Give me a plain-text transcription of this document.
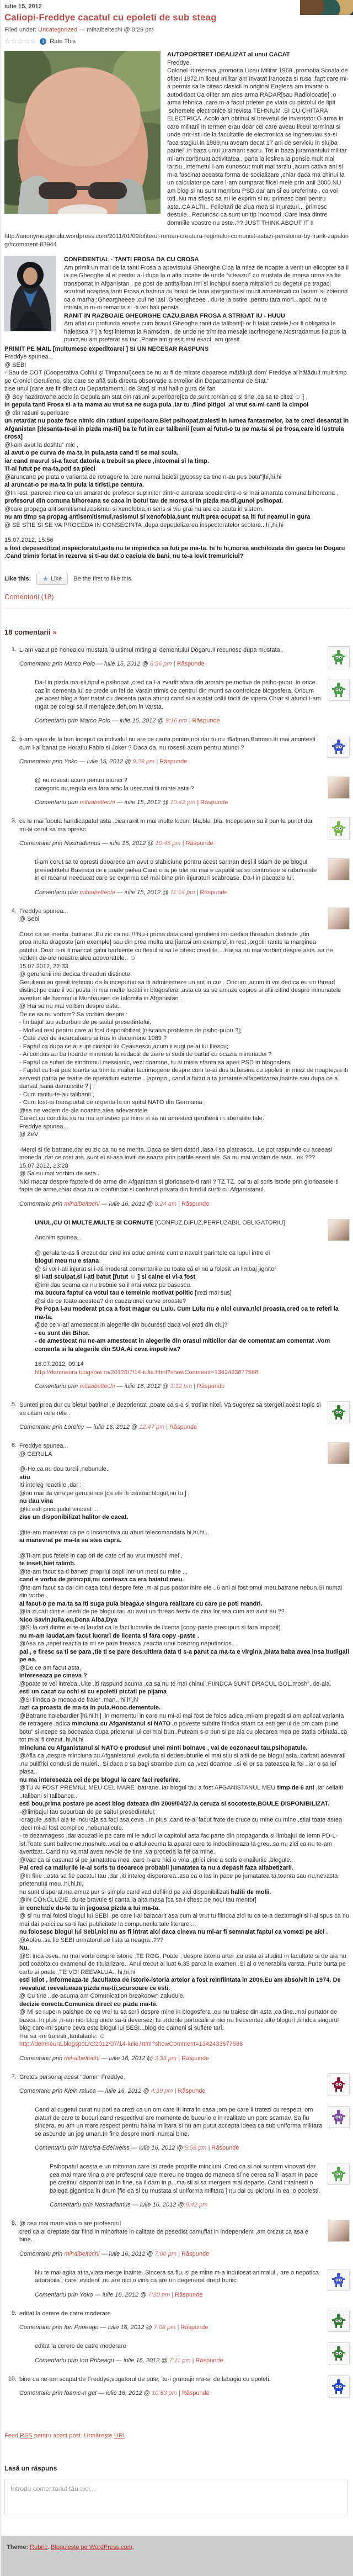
iulie 15, 2012
Caliopi-Freddye cacatul cu epoleti de sub steag
Filed under: Uncategorized — mihaibeltechi @ 8:29 pm
☆☆☆☆☆	i Rate This
AUTOPORTRET IDEALIZAT al unui CACAT
Freddye,
Colonel in rezerva ,promotia Liceu Militar 1969 ,promotia Scoala de ofiteri 1972.In liceul militar am invatat franceza si rusa ,fapt care mi-a permis sa le citesc clasicii in original.Engleza am invatat-o autodidact.Ca ofiter am ales arma RADAR[sau Radiolocatie] ,o arma tehnica ,care m-a facut prieten pe viata cu pistolul de lipit ,schemele electronice si revista TEHNIUM .SI CU CHITARA ELECTRICA .Acolo am obtinut si brevetul de inventator.O arma in care militarii in termen erau doar cei care aveau liceul terminat si unde mtr-istii de la facultatile de electronica se inghesuiau sa-si faca stagiul.In 1989,nu aveam decat 17 ani de serviciu in slujba patriei ,in baza unui juramant sacru. Tot in baza juramantului militar mi-am continuat activitatea , pana la iesirea la pensie,mult mai tarziu..Internetul l-am cunoscut mult mai tarziu ,acum cativa ani si m-a fascinat aceasta forma de socializare ,chiar daca ma chinui la un calculator pe care l-am cumparat fiicei mele prin anii 2000.NU am blog si nu sunt membru PSD,dar am si eu preferinte , ca voi toti..Nu ma sfiesc sa mi le exprim si nu primesc bani pentru asta..CA ALTII.. Felicitari de ziua mea si injuraturi... primesc destule...Recunosc ca sunt un tip incomod .Care insa dintre domniile voastre nu este..?? JUST THINK ABOUT IT !!
http://anonymusgerula.wordpress.com/2011/01/09/ofiterul-roman-creatura-regimului-comunist-astazi-pensionar-by-frank-zapaking/#comment-83944
CONFIDENTIAL - TANTI FROSA DA CU CROSA
Am primit un mail de la tanti Frosa a apevistului Gheorghe.Cica la miez de noapte a venit un elicopter sa il ia pe Gheoghe al ei pentru a-l duce la o alta locatie de unde ”viteazul” cu mustata de morsa urma sa fie transportat in Afganistan , pe post de antitaliban.Imi si inchipui scena,mitraliori cu degetul pe tragaci scrutind noaptea,tanti Frosa,o batrina cu braul de lana stergandu-si mucii amestecati cu lacrimi si zbierind ca o marha :Gheorgheeee ,cui ne lasi .Gheorgheeee , du-te la ostire ,pentru tara mori...apoi, nu te intrista,io m-oi remarita si -ti voi hali pensia.
RANIT IN RAZBOAIE GHEORGHE CAZU,BABA FROSA A STRIGAT IU - HUUU
Am aflat cu profunda emotie cum bravul Gheoghe ranit de talibani[i-or fi taiat coitele,l-or fi obligatsa le haleasca ? ] a fost internat la Ramsden , de unde ne trimitea mesaje lacrimogene.Nostradamus l-a pus la punct,eu am preferat sa tac .Poate am gresit.mai exact, am gresit.
PRIMIT PE MAIL [multumesc expeditoarei ] SI UN NECESAR RASPUNS
Freddye spunea...
@ SEBI
-“Sau de COT (Cooperativa Ochiul şi Timpanul)ceea ce nu ar fi de mirare deoarece mătăluţă dom' Freddye ai hălăduit mult timp pe Cronici Geruliene, site care se află sub directa observaţie a evreilor din Departamentul de Stat.”
zise unul [care are fir direct cu Departamentul de Stat] si mai hali o gura de fan
@ Bey nazdravane,acolo,la Gepula am stat din ratiuni superioare[ca de,sunt roman ca si tine ,ca sa te citez ☺ ] ,
In gepula tanti Frosa si-a ta mama au vrut sa ne suga pula ,iar tu ,fiind pitigoi ,ai vrut sa-mi canti la cimpoi
@ din ratiuni superioare
un retardat nu poate face nimic din ratiuni superioare.Biet psihopat,traiesti in lumea fantasmelor, ba te crezi desantat in Afganistan [desanta-te-ai in pizda ma-tii] ba te fut in cur talibanii [cum ai futut-o tu pe ma-ta si pe frosa,care iti lustruia crosa]
@i-am avut la deshtu” mic ,
ai avut-o pe curva de ma-ta in pula,asta cand ti se mai scula.
iar cand maurul si-a facut datoria a trebuit sa plece ,intocmai si la timp.
Ti-ai futut pe ma-ta,poti sa pleci
@aruncand pe piata o varianta de retragere la care numai baietii gyopssy ca tine n-au pus botu”]hi,hi,hi
ai aruncat-o pe ma-ta in pula la tiristi,pe centura.
@In rest ,parerea mea ca un amarat de profesor suplinitor dintr-o amarata scoala dintr-o si mai amarata comuna bihoreana ,
profesorul din comuna bihoreana se caca in botul tau de morsa si in pizda ma-tii,gunoi psihopat.
@care propaga antisemitismul,rasismul si xenofobia,in scris si viu grai nu are ce cauta in sistem.
nu am timp sa propag antisemitismul,rasismul si xenofobia,sunt mult prea ocupat sa iti fut neamul in gura
@ SE STIE SI SE VA PROCEDA IN CONSECINTA ,dupa depedelizarea inspectoratelor scolare.. hi,hi,hi
15.07.2012, 15:56
a fost depesedilizat inspectoratul,asta nu te impiedica sa futi pe ma-ta. hi hi hi,morsa anchilozata din gasca lui Dogaru .Cand trimis fortat in rezerva si ti-au dat o caciula de bani, nu te-a lovit tremuriciul?
Like this: ★ Like Be the first to like this.
Comentarii (18)
18 comentarii »
1. L-am vazut pe nenea cu mustata la ultimul miting al dementului Dogaru.Il recunosc dupa mustata .
Comentariu prin Marco Polo — iulie 15, 2012 @ 8:56 pm | Răspunde
Da-l in pizda ma-sii,tipul e psihopat ,cred ca l-a zvarlit afara din armata pe motive de psiho-pupu. In orice caz,in dementa lui se crede un fel de Varain trimis de centrul din munti sa controleze blogosfera. Oricum ,pe acest blog a fost tratat cu decenta pana atunci cand si-a aratat coltii tociti de vipera.Chiar si atunci i-am rugat pe colegi sa il menajeze,deh,om in varsta.
Comentariu prin Marco Polo — iulie 15, 2012 @ 9:16 pm | Răspunde
2. ti-am spus de la bun inceput ca individul nu are ce cauta printre noi dar tu,nu :Batman,Batman.Iti mai amintesti cum i-ai banat pe Horatiu,Fabio si Joker ? Daca da, nu rosesti acum pentru atunci ?
Comentariu prin Yoko — iulie 15, 2012 @ 9:29 pm | Răspunde
@ nu rosesti acum pentru atunci ?
categoric nu,regula era fara atac la user.mai tii minte asta ?
Comentariu prin mihaibeltechi — iulie 15, 2012 @ 10:42 pm | Răspunde
3. ce le mai fabula handicapatul asta ,cica,ranit in mai multe locuri, bla,bla ,bla. Incepusem sa il pun la punct dar mi-ai cerut sa ma opresc.
Comentariu prin Nostradamus — iulie 15, 2012 @ 10:45 pm | Răspunde
ti-am cerut sa te opresti deoarece am avut o slabiciune pentru acest sarman desi il stiam de pe blogul presedintelui Basescu ce ii poate pielea.Cand o ia pe ulei nu mai e capabil sa se controleze si rabufneste in el racanul needucat care se exprima cel mai bine prin injuraturi scabroase. Da-l in pacatele lui.
Comentariu prin mihaibeltechi — iulie 15, 2012 @ 11:14 pm | Răspunde
4. Freddye spunea...
@ Sebi
Crezi ca se merita ,batrane..Eu zic ca nu..!!!Nu-i prima data cand gerulienii imi dedica threaduri distincte ,din prea multa dragoste [am exemple] sau din prea multa ura [iarasi am exemple].In rest ,orgolii ranite la marginea patului..Doar n-oi fi mancat gaini barbierite cu flexul si sa le citesc creatiile....Hai sa nu mai vorbim despre asta..sa ne vedem de-ale noastre,alea adevaratele.. ☺
15.07.2012, 22:33
@ gerulienii imi dedica threaduri distincte
Gerulienii au gresit,trebuiau da la inceputuri sa iti administreze un sut in cur . Oricum ,acum iti voi dedica eu un thread distinct pe care il voi posta in mai multe locatii in blogosfera ,asta ca sa se amuze copios si altii citind despre minunatele aventuri ale baronului Munhausen de Ialomita in Afganistan .
@ Hai sa nu mai vorbim despre asta..
De ce sa nu vorbim? Sa vorbim despre :
- limbajul tau suburban de pe saitul presedintelui;
- Motivul real pentru care ai fost disponibilizat [niscaiva probleme de psiho-pupu ?];
- Cate zeci de incarcatoare ai tras in decembrie 1989 ?
- Faptul ca dupa ce ai supt ciorapii lui Ceausescu,acum ii sugi pe ai lui Iliescu;
- Ai condus au ba hoarde mineresti la redactii de ziare si sedii de partid cu ocazia mineriadei ?
- Faptul ca suferi de sindromul messianic, vezi doamne, tu ai misia sfanta sa aperi PSD in blogosfera;
- Faptul ca ti-ai pus toanta sa trimita mailuri lacrimogene despre cum te-ai dus tu,basina cu epoleti ,in miez de noapte,sa iti servesti patria pe teatre de operatiuni externe . [apropo , cand a facut a ta jumatate alfabetizarea,inainte sau dupa ce a dansat Isaiia dantuieste ? ] ;
- Cum ranitu-te-au talibanii ;
- Cum fost-ai transportat de urgenta la un spital NATO din Germania ;
@sa ne vedem de-ale noastre,alea adevaratele
Corect,cu conditia sa nu ma amesteci pe mine si sa nu amesteci gerulienii in aberatiile tale.
Freddye spunea...
@ ZeV
-Merci si tie batrane,dar eu zic ca nu se merita..Daca se simt datori ,lasa-i sa plateasca.. Le pot raspunde cu aceeasi moneda ,dar ce rost are..sunt ei si-asa loviti de soarta prin partile esentiale..Sa nu mai vorbim de asta.. ok ???
15.07.2012, 23:28
@ Sa nu mai vorbim de asta..
Nici macar despre faptele-ti de arme din Afganistan si glorioasele-ti rani ? TZ,TZ, pai tu ai scris istorie prin glorioasele-ti fapte de arme,chiar daca tu ai confundat si confunzi privata din fundul curtii cu Afganistanul.
Comentariu prin mihaibeltechi — iulie 16, 2012 @ 8:24 am | Răspunde
UNUL,CU OI MULTE,MULTE SI CORNUTE [CONFUZ,DIFUZ,PERFUZABIL OBLIGATORIU]
Anonim spunea...
@ gerula te-as fi crezut dar cind imi aduc aminte cum a navalit parintele ca lupul intre oi
blogul meu nu e stana
@ si voi l-ati injurat si i-ati moderat comentariile cu toate că el nu a folosit un limbaj jignitor
si l-ati scuipat,si l-ati batut [futut ☺ ] si caine el vi-a fost
@imi dau seama ca nu trebuie sa il mai votez pe basescu.
ma bucura faptul ca votul tau e temeinic motivat politic [vezi mai sus]
@si de ce toate acestea? din cauza unei curve proaste?
Pe Popa l-au moderat pt.ca a fost magar cu Lulu. Cum Lulu nu e nici curva,nici proasta,cred ca te referi la ma-ta.
@de ce v-ati amestecat in alegerile din bucuresti daca voi erati din cluj?
- eu sunt din Bihor.
- de amestecat nu ne-am amestecat in alegerile din orasul miticilor dar de comentat am comentat .Vom comenta si la alegerile din SUA.Ai ceva impotriva?
16.07.2012, 09:14
http://demneura.blogspot.ro/2012/07/14-iulie.html?showComment=1342433677586
Comentariu prin mihaibeltechi — iulie 16, 2012 @ 3:32 pm | Răspunde
5. Sunteti prea dur cu bietul batrinel ,e dezorientat ,poate ca s-a si trotilat nitel. Va sugerez sa stergeti acest topic si sa uitam cele rele .
Comentariu prin Loreley — iulie 16, 2012 @ 12:47 pm | Răspunde
6. Freddye spunea...
@ GERULA
@-Ho,ca nu dau turcii ,nebunule..
stiu
Iti inteleg reactiile ,dar :
@nu mai da vina pe gerulience [ca ele iti conduc blogul,nu tu ] ,
nu dau vina
@tu esti principalul vinovat ...
zise un disponibilizat halitor de cacat.
@te-am manevrat ca pe o locomotiva cu aburi telecomandata hi,hi,hi,,.
ai manevrat pe ma-ta sa stea capra.
@Ti-am pus fetele in cap ori de cate ori au vrut muschii mei ,
te inseli,biet talimb.
@te-am facut sa-ti banezi propriul copil intr-un meci cu mine ..,
cand e vorba de principii,nu conteaza ca era baiatul meu.
@te-am facut sa dai din casa totul despre fete ,m-ai pus pastor intre ele ..6 ani ai fost omul meu,batrane nebun.Si numai din vorbe..
ai facut-o pe ma-ta sa iti suga pula bleaga,e singura realizare cu care pe poti mandri.
@Ia zi,cati dintre userii de pe blogul tau au avut un thread festiv de ziua lor,asa cum am avut eu ??
Nico Savin,Iulia,eu,Dona Alba,Dya
@Si la cati dintre ei te-ai laudat ca le faci lucrarile de licenta [copy-paste presupun si fara impozit].
nu m-am laudat,am facut lucrari de licenta si fara copy -paste .
@Asa ca ,repet reactia ta mi se pare fireasca ,reactia unui bosorog neputincios..
pai , e firesc sa ti se para ,tie ti se pare des:ultima data ti s-a parut ca ma-ta e virgina ,biata baba avea insa budigaii pe ea.
@De ce am facut asta,
intereseaza pe cineva ?
@poate te vei intreba..Uite ,iti raspund acuma ,ca sa nu te mai chinui :FIINDCA SUNT DRACUL GOL,mosh”..de-aia.
esti un cacat cu ochi si cu epoletii pictati pe pijama
@Si fiindca ai moaca de fraier ,man.. hi,hi,hi
razi ca proasta de ma-ta in pula.Hooo.dementule.
@Batrane halebardier [hi.hi.hi] ,in momentul in care nu mi-ai mai fost de folos adica ,mi-am pregatit si am aplicat varianta de retragere ,adica minciuna cu Afganistanul si NATO ,o poveste subtire fiindca stiam ca esti genul de om care pune botu” si-ncepe sa boceasca dupa prietenul lui cel mai bun..Puteam s-o pun si pe aia cu plecarea mea pe statia orbitala.,ca tot m-ai fi crezut..hi,hi,hi
minciuna cu Afganistanul si NATO e produsul unei minti bolnave , vai de cozonacul tau,psihopatule.
@Afla ca ,despre minciuna cu Afganistanul ,evolutia si dedesubturile ei mai stiu si altii de pe blogul asta..barbati adevarati ,nu pulifrici condusi de muieri.. Si daca o sa bagi strambe cum ca ,vezi doamne ..si ei or sa pateasca la fel ..iar o sa iei plasa..
nu ma intereseaza cei de pe blogul la care faci reeferire.
@TU AI FOST PREMIUL MEU CEL MARE ,batrane..iar blogul tau a fost AFGANISTANUL MEU timp de 6 ani ,iar ceilalti ..talibani si talibance..
esti bou,prima postare pe acest blog dateaza din 2009/04/27.Ia ceruza si socoteste,BOULE DISPONIBILIZAT.
-@limbajul tau suburban de pe saitul presedintelui;
-dragule ,saitul ala te incuraja sa faci asa ceva ..In plus ,cand te-ai facut frate de cruce cu mine cu mine ,stiai toate astea ,deci mi-ai fost complice ,nebunaticule.
- te dezamagesc ,dar acuzatiile pe care mi le aduci la capitolul asta fac parte din propaganda si limbajul de lemn PD-L-ist.Toate sunt baliverne,moshule..vezi ca e altul acuma la aparat care te indoctrineaza la greu..sa nu zici ca nu te-am avertizat..Cand nu va mai avea nevoie de tine ,va proceda la fel ca mine..
@Vad ca ai casunat si pe jumatatea mea ,care n-are nici o vina ,ghici cine a scris e-mailurile ,blegule..
Pai cred ca mailurile le-ai scris tu deoarece probabil jumatatea ta nu a depasit faza alfabetizarii.
@In fine ..asta sa fie pacatul tau ,dar ,iti inteleg disperarea..asa ca o las in pace pe jumatatea ta,toanta sau nu,nevasta prietenului meu..hi,hi,hi,
nu sunt disperat,ma amuz pur si simplu cand vad defilind pe aici disponibilizati haliti de molii.
@IN CONCLUZIE ,du-te bravule si canta la alta masa [ca sa-l citesc pe noul tau mentor]
in concluzie du-te tu in jegoasa pizda a lui ma-ta.
@ si nu mai folosi blogul lui SEBI ,pe care l-ai balacarit asa cum ai vrut tu fiindca zici tu ca te-a dezamagit si i-ai spus ca nu mai dai p-aici,ca sa-ti faci publicitate la compunerila tale literare....
nu folosesc blogul lui Sebi,nici nu as fi intrat aici daca cineva nu mi-ar fi semnalat faptul ca vomezi pe aici .
@Aoleu..sa fie SEBI urmatorul pe lista ta neagra..???
Nu.
@Si inca ceva..nu mai vorbi despre istorie .TE ROG. Poate , despre istoria artei ,ca asta ai studiat in facultate si de aia nu poti coabita cu examenul de titularizare.. Anul trecut ai luat 6,35 parca la examen..Si ai o venerabila varsta..Pune burta pe carte si poate ,TE VOI REEVALUA.. hi,hi,hi
esti idiot , informeaza-te ,facultatea de istorie-istoria artelor a fost reinfiintata in 2006.Eu am absolvit in 1974. De reevaluat reevalueaza pizda ma-tii,scursoare ce esti.
@ Cu tine ..de-acuma am Comunication breakdown zaludule.
decizie corecta.Comunica direct cu pizda ma-tii.
@ Mi se rupe-n paishpe de ce vrei tu sa scrii despre mine in blogosfera ,eu nu traiesc din asta ,ca tine..mai purtator de basca..In plus ,n-am nici blog unde sa-ti deversezi tu urdorile portocalii si nici nu frecventez alte bloguri ,fiindca singurul blog care-mi spune ceva este blogul lui SEBI..,blog de oameni si suflete tari.
Hai sa -mi traiesti ,tantalaule. ☺
http://demneura.blogspot.ro/2012/07/14-iulie.html?showComment=1342433677586
Comentariu prin mihaibeltechi — iulie 16, 2012 @ 3:33 pm | Răspunde
7. Gretos personaj acest ”domn” Freddye.
Comentariu prin Klein raluca — iulie 16, 2012 @ 4:39 pm | Răspunde
Cand ai cugetul curat nu poti sa crezi ca un om care iti intra in casa ,om pe care il tratezi cu respect, om alaturi de care te bucuri cand respectivul are momente de bucurie e in realitate un porc scarnav. Sa fiu sincera, eu am un mare respect pentru haina militara si nu am putut accepta ideea ca sub uniforma militara se ascunde un jeg uman.In fine,despre morti ,numai bine.
Comentariu prin Narcisa-Edelweiss — iulie 16, 2012 @ 5:58 pm | Răspunde
Psihopatul acesta e un mitoman care isi crede propriile minciuni .Cred ca si noi suntem vinovati dar cea mai mare vina o are profesorul care mereu ne tragea de maneca si ne cerea sa il lasam in pace pe cretinul disponibilizat.In fine, sa il dam in p...ma-sii si sa mergem mai departe. Cand intalnesti o balega gigantica in drum [fie ea si cu mustata si uniforma militara ] nu dai cu piciorul in ea ,o ocolesti.
Comentariu prin Nostradamus — iulie 16, 2012 @ 6:42 pm
8. @ cea mai mare vina o are profesorul
cred ca ai dreptate dar fiind in minoritate in calitate de pesedist camuflat in independent ,am crezut ca asa e bine.
Comentariu prin mihaibeltechi — iulie 16, 2012 @ 7:00 pm | Răspunde
Nu te mai agita atita,viata merge inainte .Sincera sa fiu, si pe mine m-a induiosat animalul , are o nepotica adorabila , care ,evident ,nu are nici o vina ca are un degenerat drept bunic.
Comentariu prin Yoko — iulie 16, 2012 @ 7:30 pm | Răspunde
9. editat la cerere de catre moderare
Comentariu prin Ion Pribeagu — iulie 16, 2012 @ 7:08 pm | Răspunde
editat la cerere de catre moderare
Comentariu prin Ion Pribeagu — iulie 16, 2012 @ 7:11 pm | Răspunde
10. bine ca ne-am scapat de Freddye,sugatorul de pule, 'tu-i grumajii ma-sii de labagiu cu epoleti.
Comentariu prin foame-n gat — iulie 16, 2012 @ 10:53 pm | Răspunde
Feed RSS pentru acest post. Urmăreşte URI
Lasă un răspuns
Introdu comentariul tău aici...
Theme: Rubric. Bloguieşte pe WordPress.com.
